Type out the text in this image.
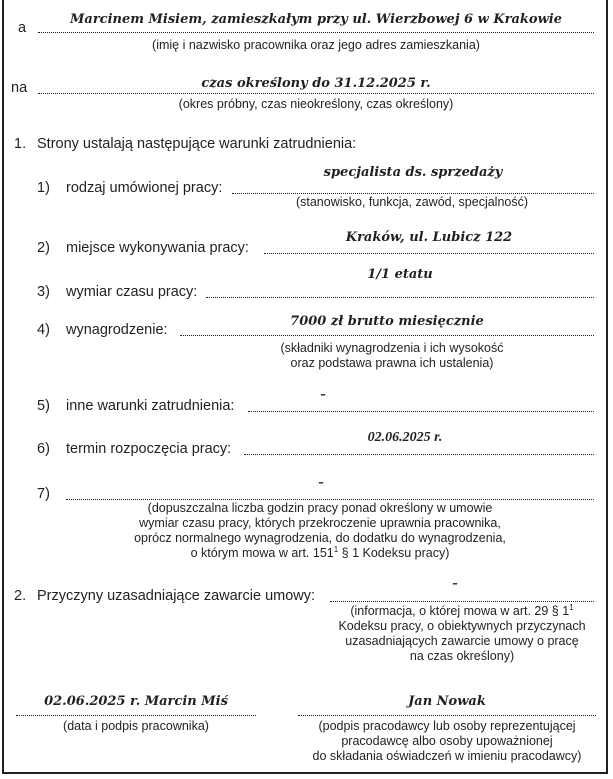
a
Marcinem Misiem, zamieszkałym przy ul. Wierzbowej 6 w Krakowie
(imię i nazwisko pracownika oraz jego adres zamieszkania)
na	czas określony do 31.12.2025 r.
(okres próbny, czas nieokreślony, czas określony)
1. Strony ustalają następujące warunki zatrudnienia:
1) rodzaj umówionej pracy:
specjalista ds. sprzedaży
(stanowisko, funkcja, zawód, specjalność)
2) miejsce wykonywania pracy:
Kraków, ul. Lubicz 122
3) wymiar czasu pracy:
1/1 etatu
4) wynagrodzenie:
7000 zł brutto miesięcznie
(składniki wynagrodzenia i ich wysokość
oraz podstawa prawna ich ustalenia)
5) inne warunki zatrudnienia:
–
6) termin rozpoczęcia pracy:
02.06.2025 r.
7)
–
(dopuszczalna liczba godzin pracy ponad określony w umowie
wymiar czasu pracy, których przekroczenie uprawnia pracownika,
oprócz normalnego wynagrodzenia, do dodatku do wynagrodzenia,
o którym mowa w art. $151^1$ § 1 Kodeksu pracy)
2. Przyczyny uzasadniające zawarcie umowy:
–
(informacja, o której mowa w art. 29 § $1^1$
Kodeksu pracy, o obiektywnych przyczynach
uzasadniających zawarcie umowy o pracę
na czas określony)
02.06.2025 r. Marcin Miś
(data i podpis pracownika)
Jan Nowak
(podpis pracodawcy lub osoby reprezentującej
pracodawcę albo osoby upoważnionej
do składania oświadczeń w imieniu pracodawcy)
